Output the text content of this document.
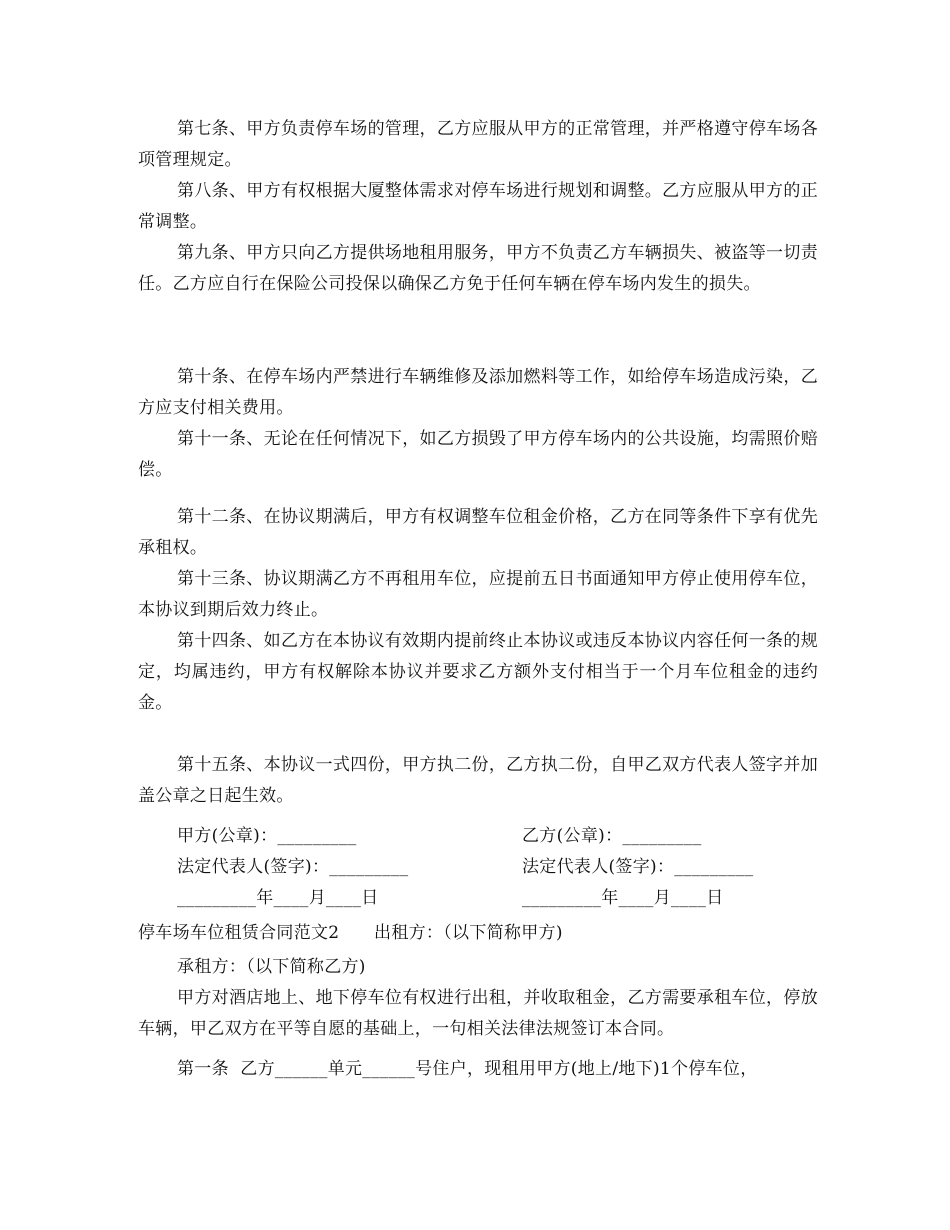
第七条、甲方负责停车场的管理，乙方应服从甲方的正常管理，并严格遵守停车场各项管理规定。

第八条、甲方有权根据大厦整体需求对停车场进行规划和调整。乙方应服从甲方的正常调整。

第九条、甲方只向乙方提供场地租用服务，甲方不负责乙方车辆损失、被盗等一切责任。乙方应自行在保险公司投保以确保乙方免于任何车辆在停车场内发生的损失。

第十条、在停车场内严禁进行车辆维修及添加燃料等工作，如给停车场造成污染，乙方应支付相关费用。

第十一条、无论在任何情况下，如乙方损毁了甲方停车场内的公共设施，均需照价赔偿。

第十二条、在协议期满后，甲方有权调整车位租金价格，乙方在同等条件下享有优先承租权。

第十三条、协议期满乙方不再租用车位，应提前五日书面通知甲方停止使用停车位，本协议到期后效力终止。

第十四条、如乙方在本协议有效期内提前终止本协议或违反本协议内容任何一条的规定，均属违约，甲方有权解除本协议并要求乙方额外支付相当于一个月车位租金的违约金。

第十五条、本协议一式四份，甲方执二份，乙方执二份，自甲乙双方代表人签字并加盖公章之日起生效。

甲方(公章)：_________	乙方(公章)：_________
法定代表人(签字)：_________	法定代表人(签字)：_________
_________年____月____日	_________年____月____日
停车场车位租赁合同范文2　　出租方：（以下简称甲方)
承租方：（以下简称乙方)

甲方对酒店地上、地下停车位有权进行出租，并收取租金，乙方需要承租车位，停放车辆，甲乙双方在平等自愿的基础上，一句相关法律法规签订本合同。

第一条  乙方______单元______号住户，现租用甲方(地上/地下)1个停车位，
